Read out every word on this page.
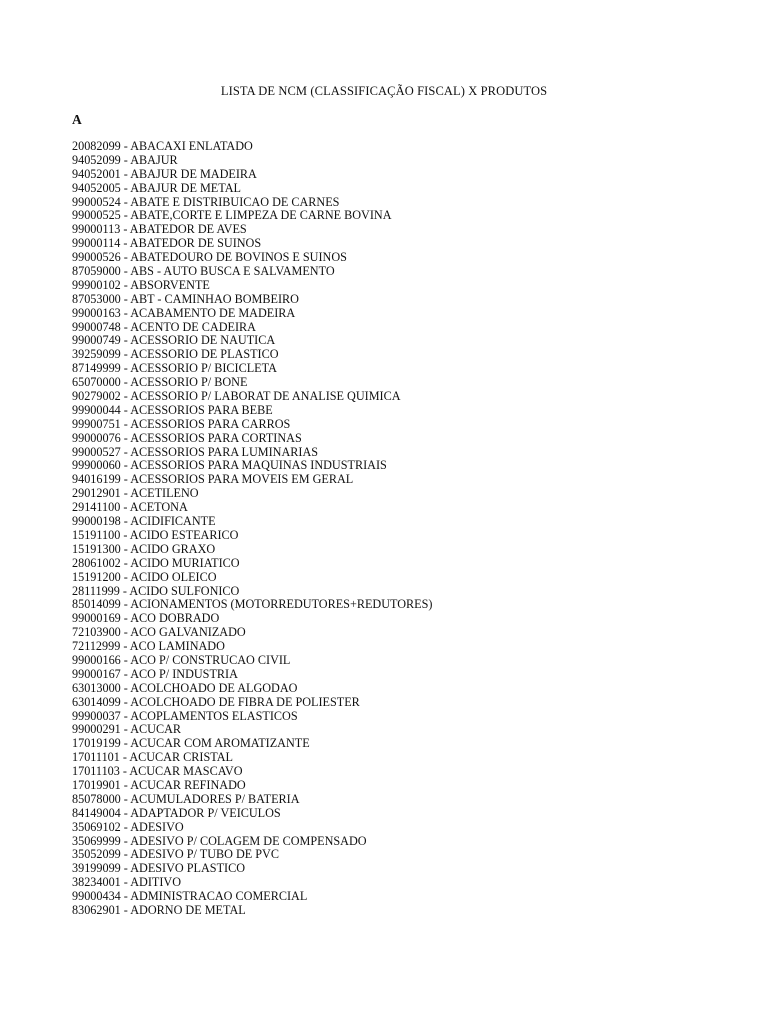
LISTA DE NCM (CLASSIFICAÇÃO FISCAL) X PRODUTOS
A
20082099 - ABACAXI ENLATADO
94052099 - ABAJUR
94052001 - ABAJUR DE MADEIRA
94052005 - ABAJUR DE METAL
99000524 - ABATE E DISTRIBUICAO DE CARNES
99000525 - ABATE,CORTE E LIMPEZA DE CARNE BOVINA
99000113 - ABATEDOR DE AVES
99000114 - ABATEDOR DE SUINOS
99000526 - ABATEDOURO DE BOVINOS E SUINOS
87059000 - ABS - AUTO BUSCA E SALVAMENTO
99900102 - ABSORVENTE
87053000 - ABT - CAMINHAO BOMBEIRO
99000163 - ACABAMENTO DE MADEIRA
99000748 - ACENTO DE CADEIRA
99000749 - ACESSORIO DE NAUTICA
39259099 - ACESSORIO DE PLASTICO
87149999 - ACESSORIO P/ BICICLETA
65070000 - ACESSORIO P/ BONE
90279002 - ACESSORIO P/ LABORAT DE ANALISE QUIMICA
99900044 - ACESSORIOS PARA BEBE
99900751 - ACESSORIOS PARA CARROS
99000076 - ACESSORIOS PARA CORTINAS
99000527 - ACESSORIOS PARA LUMINARIAS
99900060 - ACESSORIOS PARA MAQUINAS INDUSTRIAIS
94016199 - ACESSORIOS PARA MOVEIS EM GERAL
29012901 - ACETILENO
29141100 - ACETONA
99000198 - ACIDIFICANTE
15191100 - ACIDO ESTEARICO
15191300 - ACIDO GRAXO
28061002 - ACIDO MURIATICO
15191200 - ACIDO OLEICO
28111999 - ACIDO SULFONICO
85014099 - ACIONAMENTOS (MOTORREDUTORES+REDUTORES)
99000169 - ACO DOBRADO
72103900 - ACO GALVANIZADO
72112999 - ACO LAMINADO
99000166 - ACO P/ CONSTRUCAO CIVIL
99000167 - ACO P/ INDUSTRIA
63013000 - ACOLCHOADO DE ALGODAO
63014099 - ACOLCHOADO DE FIBRA DE POLIESTER
99900037 - ACOPLAMENTOS ELASTICOS
99000291 - ACUCAR
17019199 - ACUCAR COM AROMATIZANTE
17011101 - ACUCAR CRISTAL
17011103 - ACUCAR MASCAVO
17019901 - ACUCAR REFINADO
85078000 - ACUMULADORES P/ BATERIA
84149004 - ADAPTADOR P/ VEICULOS
35069102 - ADESIVO
35069999 - ADESIVO P/ COLAGEM DE COMPENSADO
35052099 - ADESIVO P/ TUBO DE PVC
39199099 - ADESIVO PLASTICO
38234001 - ADITIVO
99000434 - ADMINISTRACAO COMERCIAL
83062901 - ADORNO DE METAL
